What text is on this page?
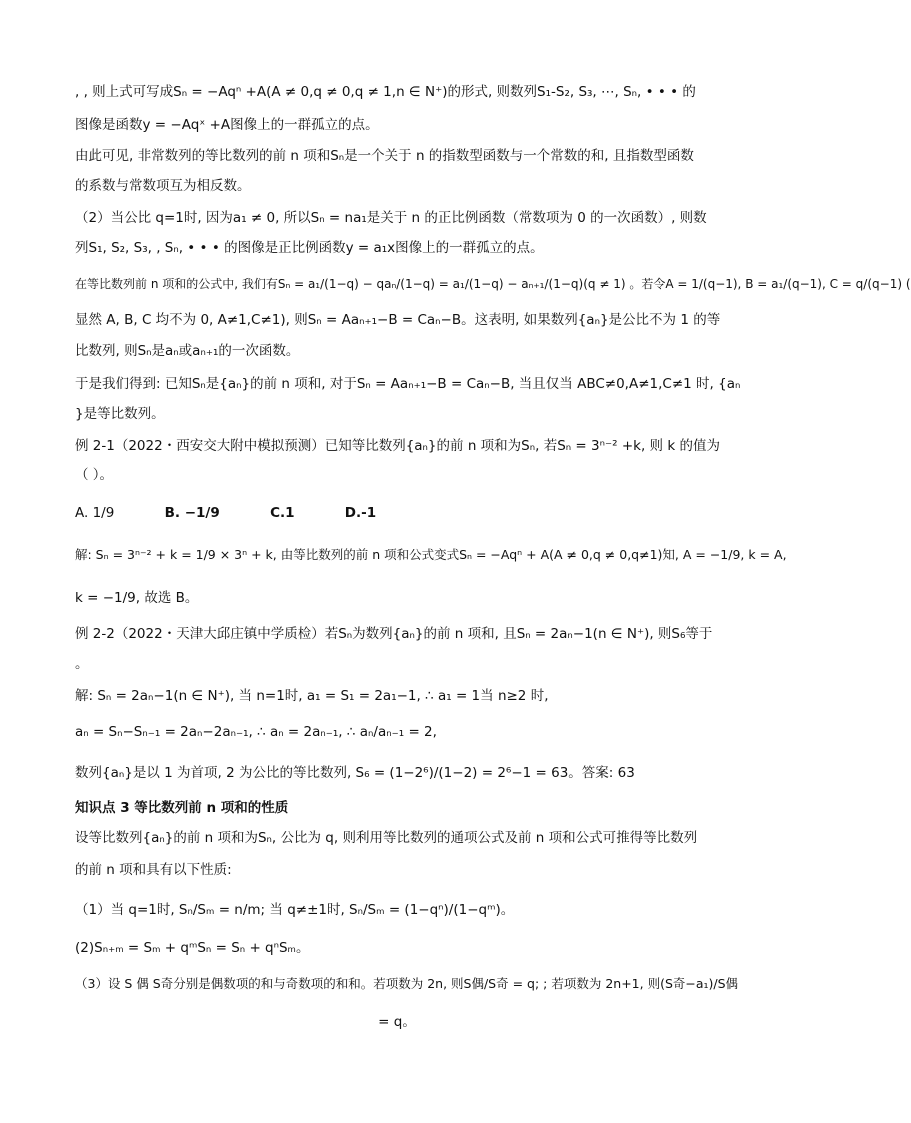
, , 则上式可写成Sₙ = −Aqⁿ +A(A ≠ 0,q ≠ 0,q ≠ 1,n ∈ N⁺)的形式, 则数列S₁-S₂, S₃, ⋯, Sₙ, • • • 的
图像是函数y = −Aqˣ +A图像上的一群孤立的点。
由此可见, 非常数列的等比数列的前 n 项和Sₙ是一个关于 n 的指数型函数与一个常数的和, 且指数型函数
的系数与常数项互为相反数。
（2）当公比 q=1时, 因为a₁ ≠ 0, 所以Sₙ = na₁是关于 n 的正比例函数（常数项为 0 的一次函数）, 则数
列S₁, S₂, S₃, , Sₙ, • • • 的图像是正比例函数y = a₁x图像上的一群孤立的点。
在等比数列前 n 项和的公式中, 我们有Sₙ = a₁/(1−q) − qaₙ/(1−q) = a₁/(1−q) − aₙ₊₁/(1−q)(q ≠ 1) 。若令A = 1/(q−1), B = a₁/(q−1), C = q/(q−1) (
显然 A, B, C 均不为 0, A≠1,C≠1), 则Sₙ = Aaₙ₊₁−B = Caₙ−B。这表明, 如果数列{aₙ}是公比不为 1 的等
比数列, 则Sₙ是aₙ或aₙ₊₁的一次函数。
于是我们得到: 已知Sₙ是{aₙ}的前 n 项和, 对于Sₙ = Aaₙ₊₁−B = Caₙ−B, 当且仅当 ABC≠0,A≠1,C≠1 时, {aₙ
}是等比数列。
例 2-1（2022・西安交大附中模拟预测）已知等比数列{aₙ}的前 n 项和为Sₙ, 若Sₙ = 3ⁿ⁻² +k, 则 k 的值为
（ ）。
A. 1/9	B. −1/9	C.1	D.-1
解: Sₙ = 3ⁿ⁻² + k = 1/9 × 3ⁿ + k, 由等比数列的前 n 项和公式变式Sₙ = −Aqⁿ + A(A ≠ 0,q ≠ 0,q≠1)知, A = −1/9, k = A,
k = −1/9, 故选 B。
例 2-2（2022・天津大邱庄镇中学质检）若Sₙ为数列{aₙ}的前 n 项和, 且Sₙ = 2aₙ−1(n ∈ N⁺), 则S₆等于
。
解: Sₙ = 2aₙ−1(n ∈ N⁺), 当 n=1时, a₁ = S₁ = 2a₁−1, ∴ a₁ = 1当 n≥2 时,
aₙ = Sₙ−Sₙ₋₁ = 2aₙ−2aₙ₋₁, ∴ aₙ = 2aₙ₋₁, ∴ aₙ/aₙ₋₁ = 2,
数列{aₙ}是以 1 为首项, 2 为公比的等比数列, S₆ = (1−2⁶)/(1−2) = 2⁶−1 = 63。答案: 63
知识点 3 等比数列前 n 项和的性质
设等比数列{aₙ}的前 n 项和为Sₙ, 公比为 q, 则利用等比数列的通项公式及前 n 项和公式可推得等比数列
的前 n 项和具有以下性质:
（1）当 q=1时, Sₙ/Sₘ = n/m; 当 q≠±1时, Sₙ/Sₘ = (1−qⁿ)/(1−qᵐ)。
(2)Sₙ₊ₘ = Sₘ + qᵐSₙ = Sₙ + qⁿSₘ。
（3）设 S 偶 S奇分别是偶数项的和与奇数项的和和。若项数为 2n, 则S偶/S奇 = q; ; 若项数为 2n+1, 则(S奇−a₁)/S偶
= q。
